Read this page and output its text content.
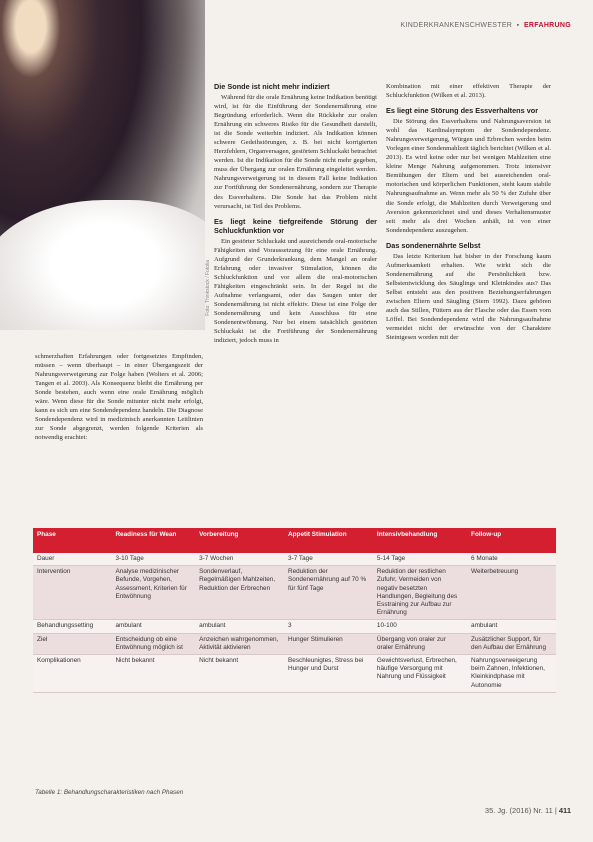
Foto: Thinkstock / Fotolia
KINDERKRANKENSCHWESTER  ▪  ERFAHRUNG

schmerzhaften Erfahrungen oder fortgesetztes Empfinden, müssen – wenn überhaupt – in einer Übergangszeit der Nahrungsverweigerung zur Folge haben (Wolters et al. 2006; Tangen et al. 2003). Als Konsequenz bleibt die Ernährung per Sonde bestehen, auch wenn eine orale Ernährung möglich wäre. Wenn diese für die Sonde mitunter nicht mehr erfolgt, kann es sich um eine Sondendependenz handeln. Die Diagnose Sondendependenz wird in medizinisch anerkannten Leitlinien zur Sonde abgegrenzt, werden folgende Kriterien als notwendig erachtet:

Die Sonde ist nicht mehr indiziert

Während für die orale Ernährung keine Indikation benötigt wird, ist für die Einführung der Sondenernährung eine Begründung erforderlich. Wenn die Rückkehr zur oralen Ernährung ein schweres Risiko für die Gesundheit darstellt, ist die Sonde weiterhin indiziert. Als Indikation können schwere Gedeihstörungen, z. B. bei nicht korrigierten Herzfehlern, Organversagen, gestörtem Schluckakt betrachtet werden. Ist die Indikation für die Sonde nicht mehr gegeben, muss der Übergang zur oralen Ernährung eingeleitet werden. Nahrungsverweigerung ist in diesem Fall keine Indikation zur Fortführung der Sondenernährung, sondern zur Therapie des Essverhaltens. Die Sonde hat das Problem nicht verursacht, ist Teil des Problems.

Es liegt keine tiefgreifende Störung der Schluckfunktion vor

Ein gestörter Schluckakt und ausreichende oral-motorische Fähigkeiten sind Voraussetzung für eine orale Ernährung. Aufgrund der Grunderkrankung, dem Mangel an oraler Erfahrung oder invasiver Stimulation, können die Schluckfunktion und vor allem die oral-motorischen Fähigkeiten eingeschränkt sein. In der Regel ist die Aufnahme verlangsamt, oder das Saugen unter der Sondenernährung ist nicht effektiv. Diese ist eine Folge der Sondenernährung und kein Ausschluss für eine Sondenentwöhnung. Nur bei einem tatsächlich gestörten Schluckakt ist die Fortführung der Sondenernährung indiziert, jedoch muss in

Kombination mit einer effektiven Therapie der Schluckfunktion (Wilken et al. 2013).

Es liegt eine Störung des Essverhaltens vor

Die Störung des Essverhaltens und Nahrungsaversion ist wohl das Kardinalsymptom der Sondendependenz. Nahrungsverweigerung, Würgen und Erbrechen werden beim Vorlegen einer Sondenmahlzeit täglich berichtet (Wilken et al. 2013). Es wird keine oder nur bei wenigen Mahlzeiten eine kleine Menge Nahrung aufgenommen. Trotz intensiver Bemühungen der Eltern und bei ausreichenden oral-motorischen und körperlichen Funktionen, steht kaum stabile Nahrungsaufnahme an. Wenn mehr als 50 % der Zufuhr über die Sonde erfolgt, die Mahlzeiten durch Verweigerung und Aversion gekennzeichnet sind und dieses Verhaltensmuster seit mehr als drei Wochen anhält, ist von einer Sondendependenz auszugehen.

Das sondenernährte Selbst

Das letzte Kriterium hat bisher in der Forschung kaum Aufmerksamkeit erhalten. Wie wirkt sich die Sondenernährung auf die Persönlichkeit bzw. Selbstentwicklung des Säuglings und Kleinkindes aus? Das Selbst entsteht aus den positiven Beziehungserfahrungen zwischen Eltern und Säugling (Stern 1992). Dazu gehören auch das Stillen, Füttern aus der Flasche oder das Essen vom Löffel. Bei Sondendependenz wird die Nahrungsaufnahme vermeidet nicht der erwünschte von der Charaktere Steintgesen worden mit der

Phase	Readiness für Wean	Vorbereitung	Appetit Stimulation	Intensivbehandlung	Follow-up
Dauer	3-10 Tage	3-7 Wochen	3-7 Tage	5-14 Tage	6 Monate
Intervention	Analyse medizinischer Befunde, Vorgehen, Assessment, Kriterien für Entwöhnung	Sondenverlauf, Regelmäßigen Mahlzeiten, Reduktion der Erbrechen	Reduktion der Sondenernährung auf 70 % für fünf Tage	Reduktion der restlichen Zufuhr, Vermeiden von negativ besetzten Handlungen, Begleitung des Esstraining zur Aufbau zur Ernährung	Weiterbetreuung
Behandlungssetting	ambulant	ambulant	3	10-100	ambulant
Ziel	Entscheidung ob eine Entwöhnung möglich ist	Anzeichen wahrgenommen, Aktivität aktivieren	Hunger Stimulieren	Übergang von oraler zur oraler Ernährung	Zusätzlicher Support, für den Aufbau der Ernährung
Komplikationen	Nicht bekannt	Nicht bekannt	Beschleunigtes, Stress bei Hunger und Durst	Gewichtsverlust, Erbrechen, häufige Versorgung mit Nahrung und Flüssigkeit	Nahrungsverweigerung beim Zahnen, Infektionen, Kleinkindphase mit Autonomie
Tabelle 1: Behandlungscharakteristiken nach Phasen
35. Jg. (2016) Nr. 11 | 411
